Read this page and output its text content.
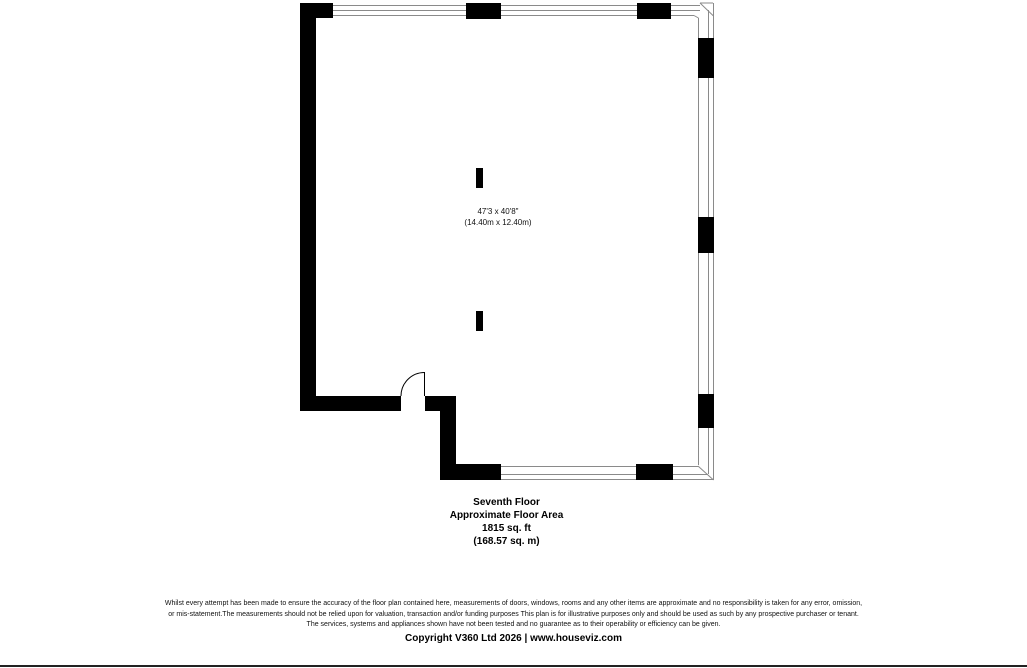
47'3 x 40'8"
(14.40m x 12.40m)
Seventh Floor
Approximate Floor Area
1815 sq. ft
(168.57 sq. m)
Whilst every attempt has been made to ensure the accuracy of the floor plan contained here, measurements of doors, windows, rooms and any other items are approximate and no responsibility is taken for any error, omission,
or mis-statement.The measurements should not be relied upon for valuation, transaction and/or funding purposes This plan is for illustrative purposes only and should be used as such by any prospective purchaser or tenant.
The services, systems and appliances shown have not been tested and no guarantee as to their operability or efficiency can be given.
Copyright V360 Ltd 2026 | www.houseviz.com
